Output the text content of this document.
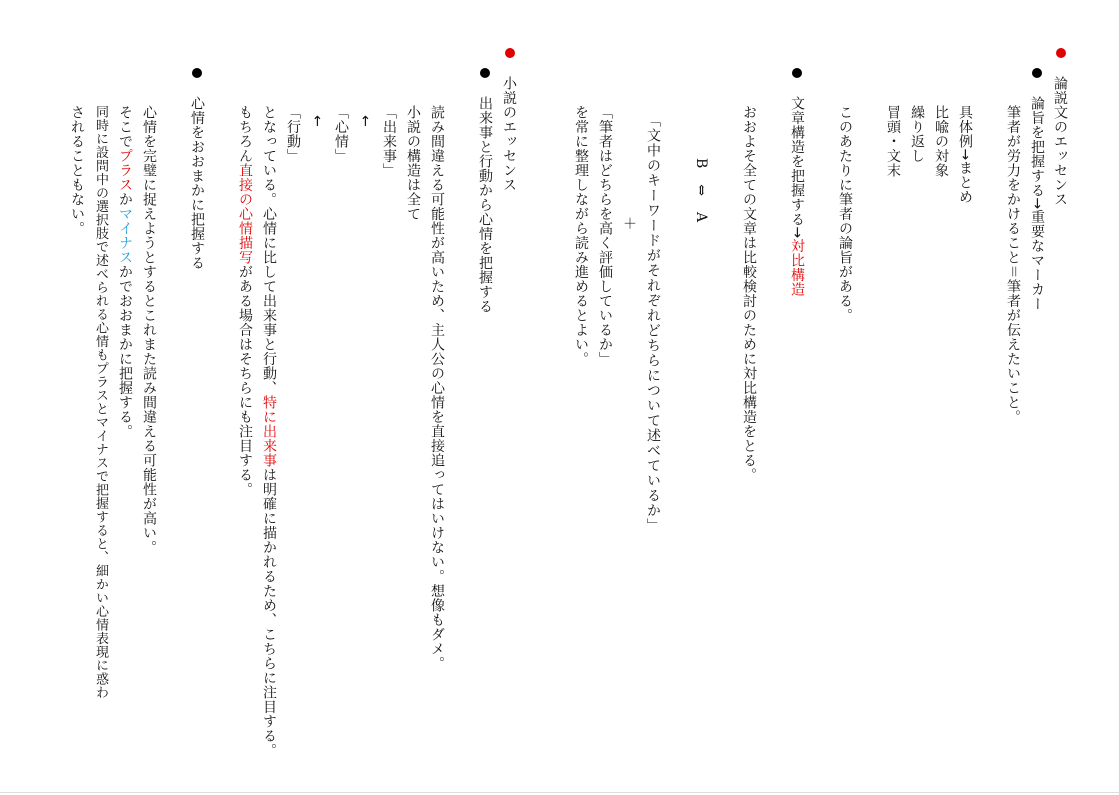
論説文のエッセンス
論旨を把握する→重要なマーカー
筆者が労力をかけること＝筆者が伝えたいこと。
具体例→まとめ
比喩の対象
繰り返し
冒頭・文末
このあたりに筆者の論旨がある。
文章構造を把握する→対比構造
おおよそ全ての文章は比較検討のために対比構造をとる。
B　⇔　A
「文中のキーワードがそれぞれどちらについて述べているか」
＋
「筆者はどちらを高く評価しているか」
を常に整理しながら読み進めるとよい。
小説のエッセンス
出来事と行動から心情を把握する
読み間違える可能性が高いため、主人公の心情を直接追ってはいけない。想像もダメ。
小説の構造は全て
「出来事」
←
「心情」
←
「行動」
となっている。心情に比して出来事と行動、特に出来事は明確に描かれるため、こちらに注目する。
もちろん直接の心情描写がある場合はそちらにも注目する。
心情をおおまかに把握する
心情を完璧に捉えようとするとこれまた読み間違える可能性が高い。
そこでプラスかマイナスかでおおまかに把握する。
同時に設問中の選択肢で述べられる心情もプラスとマイナスで把握すると、細かい心情表現に惑わ
されることもない。
